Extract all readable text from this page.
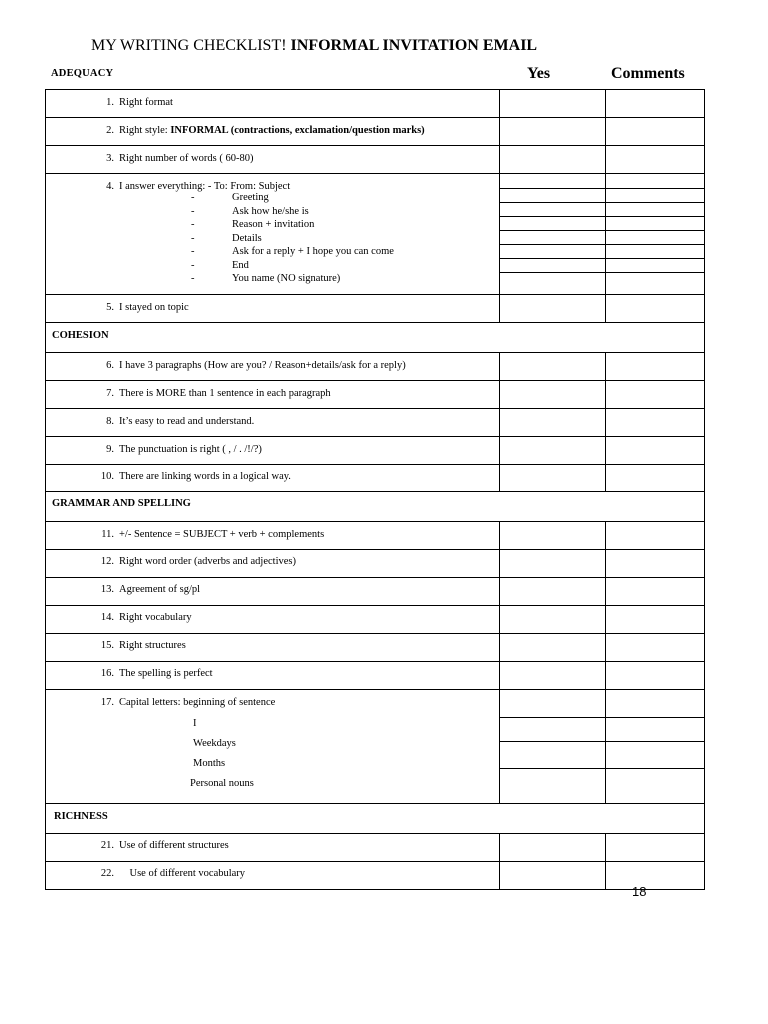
MY WRITING CHECKLIST! INFORMAL INVITATION EMAIL
ADEQUACY	Yes	Comments
1. Right format
2. Right style: INFORMAL (contractions, exclamation/question marks)
3. Right number of words ( 60-80)
4. I answer everything: - To: From: Subject
-	Greeting
-	Ask how he/she is
-	Reason + invitation
-	Details
-	Ask for a reply + I hope you can come
-	End
-	You name (NO signature)
5. I stayed on topic
COHESION
6. I have 3 paragraphs (How are you? / Reason+details/ask for a reply)
7. There is MORE than 1 sentence in each paragraph
8. It’s easy to read and understand.
9. The punctuation is right ( , / . /!/?)
10. There are linking words in a logical way.
GRAMMAR AND SPELLING
11. +/- Sentence = SUBJECT + verb + complements
12. Right word order (adverbs and adjectives)
13. Agreement of sg/pl
14. Right vocabulary
15. Right structures
16. The spelling is perfect
17. Capital letters: beginning of sentence
I
Weekdays
Months
Personal nouns
RICHNESS
21. Use of different structures
22. Use of different vocabulary
18
